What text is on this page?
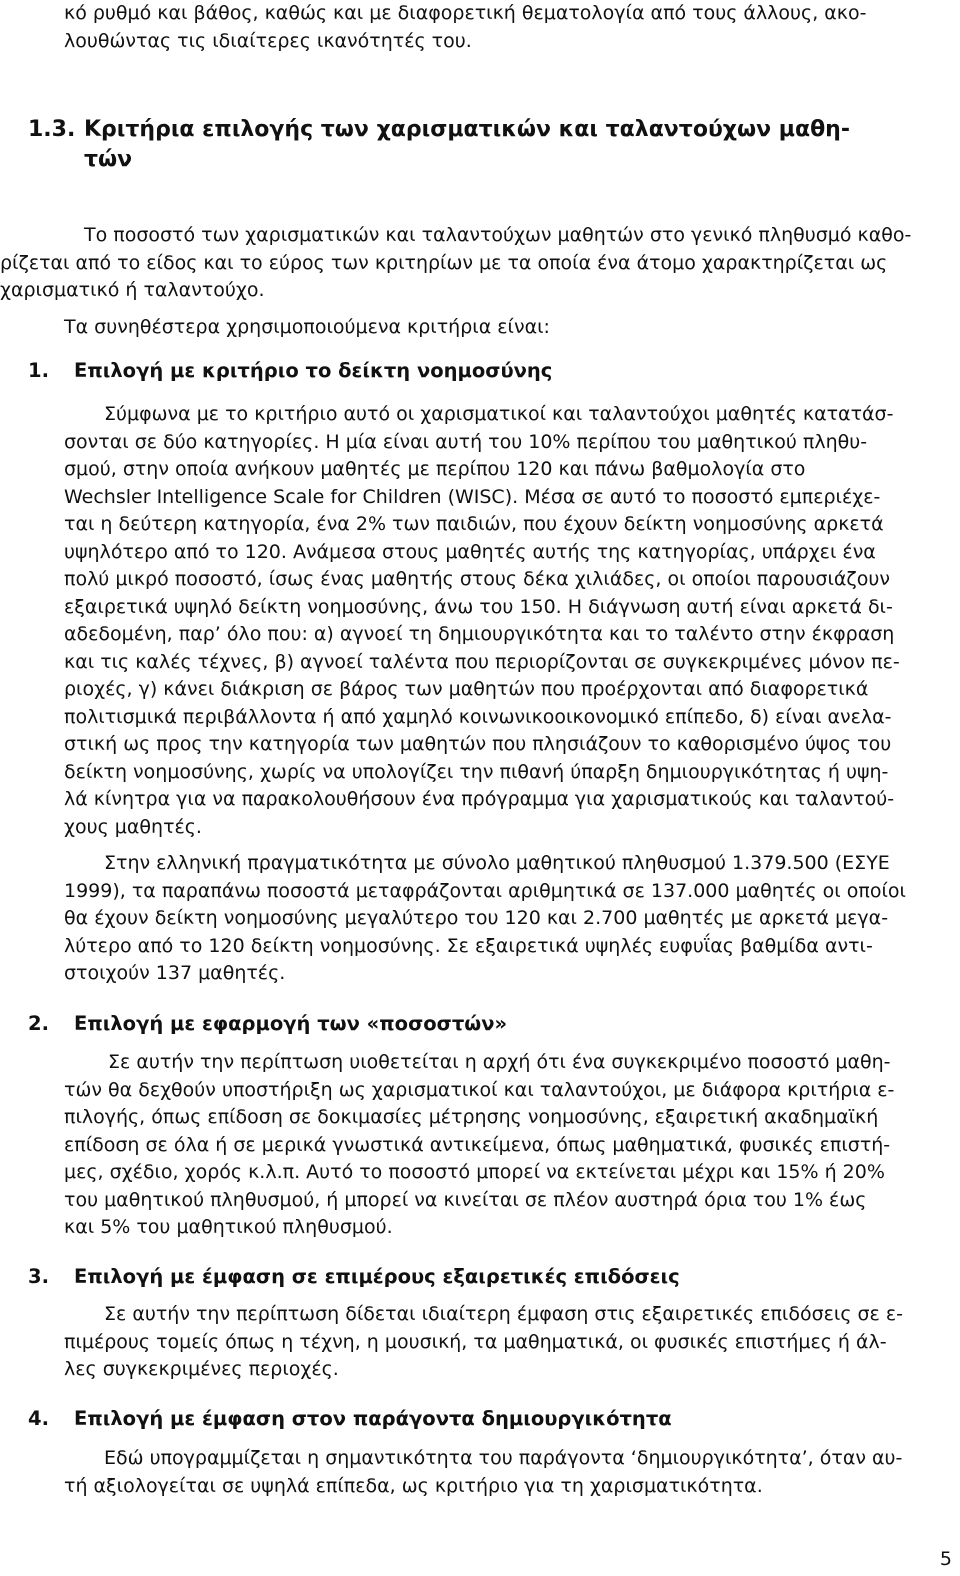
κό ρυθμό και βάθος, καθώς και με διαφορετική θεματολογία από τους άλλους, ακο-
λουθώντας τις ιδιαίτερες ικανότητές του.
1.3. Κριτήρια επιλογής των χαρισματικών και ταλαντούχων μαθη-
τών
Το ποσοστό των χαρισματικών και ταλαντούχων μαθητών στο γενικό πληθυσμό καθο-
ρίζεται από το είδος και το εύρος των κριτηρίων με τα οποία ένα άτομο χαρακτηρίζεται ως
χαρισματικό ή ταλαντούχο.
Τα συνηθέστερα χρησιμοποιούμενα κριτήρια είναι:
1. Επιλογή με κριτήριο το δείκτη νοημοσύνης
Σύμφωνα με το κριτήριο αυτό οι χαρισματικοί και ταλαντούχοι μαθητές κατατάσ-
σονται σε δύο κατηγορίες. Η μία είναι αυτή του 10% περίπου του μαθητικού πληθυ-
σμού, στην οποία ανήκουν μαθητές με περίπου 120 και πάνω βαθμολογία στο
Wechsler Intelligence Scale for Children (WISC). Μέσα σε αυτό το ποσοστό εμπεριέχε-
ται η δεύτερη κατηγορία, ένα 2% των παιδιών, που έχουν δείκτη νοημοσύνης αρκετά
υψηλότερο από το 120. Ανάμεσα στους μαθητές αυτής της κατηγορίας, υπάρχει ένα
πολύ μικρό ποσοστό, ίσως ένας μαθητής στους δέκα χιλιάδες, οι οποίοι παρουσιάζουν
εξαιρετικά υψηλό δείκτη νοημοσύνης, άνω του 150. Η διάγνωση αυτή είναι αρκετά δι-
αδεδομένη, παρ’ όλο που: α) αγνοεί τη δημιουργικότητα και το ταλέντο στην έκφραση
και τις καλές τέχνες, β) αγνοεί ταλέντα που περιορίζονται σε συγκεκριμένες μόνον πε-
ριοχές, γ) κάνει διάκριση σε βάρος των μαθητών που προέρχονται από διαφορετικά
πολιτισμικά περιβάλλοντα ή από χαμηλό κοινωνικοοικονομικό επίπεδο, δ) είναι ανελα-
στική ως προς την κατηγορία των μαθητών που πλησιάζουν το καθορισμένο ύψος του
δείκτη νοημοσύνης, χωρίς να υπολογίζει την πιθανή ύπαρξη δημιουργικότητας ή υψη-
λά κίνητρα για να παρακολουθήσουν ένα πρόγραμμα για χαρισματικούς και ταλαντού-
χους μαθητές.
Στην ελληνική πραγματικότητα με σύνολο μαθητικού πληθυσμού 1.379.500 (ΕΣΥΕ
1999), τα παραπάνω ποσοστά μεταφράζονται αριθμητικά σε 137.000 μαθητές οι οποίοι
θα έχουν δείκτη νοημοσύνης μεγαλύτερο του 120 και 2.700 μαθητές με αρκετά μεγα-
λύτερο από το 120 δείκτη νοημοσύνης. Σε εξαιρετικά υψηλές ευφυΐας βαθμίδα αντι-
στοιχούν 137 μαθητές.
2. Επιλογή με εφαρμογή των «ποσοστών»
Σε αυτήν την περίπτωση υιοθετείται η αρχή ότι ένα συγκεκριμένο ποσοστό μαθη-
τών θα δεχθούν υποστήριξη ως χαρισματικοί και ταλαντούχοι, με διάφορα κριτήρια ε-
πιλογής, όπως επίδοση σε δοκιμασίες μέτρησης νοημοσύνης, εξαιρετική ακαδημαϊκή
επίδοση σε όλα ή σε μερικά γνωστικά αντικείμενα, όπως μαθηματικά, φυσικές επιστή-
μες, σχέδιο, χορός κ.λ.π. Αυτό το ποσοστό μπορεί να εκτείνεται μέχρι και 15% ή 20%
του μαθητικού πληθυσμού, ή μπορεί να κινείται σε πλέον αυστηρά όρια του 1% έως
και 5% του μαθητικού πληθυσμού.
3. Επιλογή με έμφαση σε επιμέρους εξαιρετικές επιδόσεις
Σε αυτήν την περίπτωση δίδεται ιδιαίτερη έμφαση στις εξαιρετικές επιδόσεις σε ε-
πιμέρους τομείς όπως η τέχνη, η μουσική, τα μαθηματικά, οι φυσικές επιστήμες ή άλ-
λες συγκεκριμένες περιοχές.
4. Επιλογή με έμφαση στον παράγοντα δημιουργικότητα
Εδώ υπογραμμίζεται η σημαντικότητα του παράγοντα ‘δημιουργικότητα’, όταν αυ-
τή αξιολογείται σε υψηλά επίπεδα, ως κριτήριο για τη χαρισματικότητα.
5
